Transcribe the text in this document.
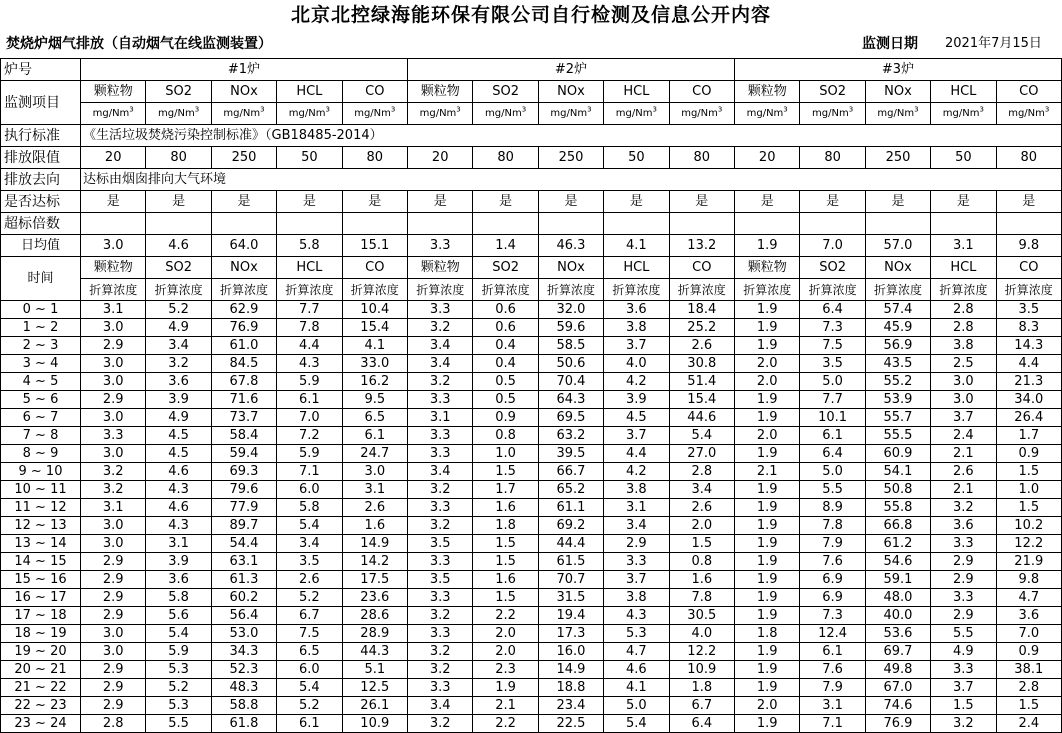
北京北控绿海能环保有限公司自行检测及信息公开内容
焚烧炉烟气排放（自动烟气在线监测装置）	监测日期 2021年7月15日
炉号	#1炉					#2炉					#3炉				
监测项目	颗粒物	SO2	NOx	HCL	CO	颗粒物	SO2	NOx	HCL	CO	颗粒物	SO2	NOx	HCL	CO
	mg/Nm$^3$	mg/Nm$^3$	mg/Nm$^3$	mg/Nm$^3$	mg/Nm$^3$	mg/Nm$^3$	mg/Nm$^3$	mg/Nm$^3$	mg/Nm$^3$	mg/Nm$^3$	mg/Nm$^3$	mg/Nm$^3$	mg/Nm$^3$	mg/Nm$^3$	mg/Nm$^3$
执行标准	《生活垃圾焚烧污染控制标准》（GB18485-2014）														
排放限值	20	80	250	50	80	20	80	250	50	80	20	80	250	50	80
排放去向	达标由烟囱排向大气环境														
是否达标	是	是	是	是	是	是	是	是	是	是	是	是	是	是	是
超标倍数															
日均值	3.0	4.6	64.0	5.8	15.1	3.3	1.4	46.3	4.1	13.2	1.9	7.0	57.0	3.1	9.8
时间	颗粒物	SO2	NOx	HCL	CO	颗粒物	SO2	NOx	HCL	CO	颗粒物	SO2	NOx	HCL	CO
	折算浓度	折算浓度	折算浓度	折算浓度	折算浓度	折算浓度	折算浓度	折算浓度	折算浓度	折算浓度	折算浓度	折算浓度	折算浓度	折算浓度	折算浓度
0 ~ 1	3.1	5.2	62.9	7.7	10.4	3.3	0.6	32.0	3.6	18.4	1.9	6.4	57.4	2.8	3.5
1 ~ 2	3.0	4.9	76.9	7.8	15.4	3.2	0.6	59.6	3.8	25.2	1.9	7.3	45.9	2.8	8.3
2 ~ 3	2.9	3.4	61.0	4.4	4.1	3.4	0.4	58.5	3.7	2.6	1.9	7.5	56.9	3.8	14.3
3 ~ 4	3.0	3.2	84.5	4.3	33.0	3.4	0.4	50.6	4.0	30.8	2.0	3.5	43.5	2.5	4.4
4 ~ 5	3.0	3.6	67.8	5.9	16.2	3.2	0.5	70.4	4.2	51.4	2.0	5.0	55.2	3.0	21.3
5 ~ 6	2.9	3.9	71.6	6.1	9.5	3.3	0.5	64.3	3.9	15.4	1.9	7.7	53.9	3.0	34.0
6 ~ 7	3.0	4.9	73.7	7.0	6.5	3.1	0.9	69.5	4.5	44.6	1.9	10.1	55.7	3.7	26.4
7 ~ 8	3.3	4.5	58.4	7.2	6.1	3.3	0.8	63.2	3.7	5.4	2.0	6.1	55.5	2.4	1.7
8 ~ 9	3.0	4.5	59.4	5.9	24.7	3.3	1.0	39.5	4.4	27.0	1.9	6.4	60.9	2.1	0.9
9 ~ 10	3.2	4.6	69.3	7.1	3.0	3.4	1.5	66.7	4.2	2.8	2.1	5.0	54.1	2.6	1.5
10 ~ 11	3.2	4.3	79.6	6.0	3.1	3.2	1.7	65.2	3.8	3.4	1.9	5.5	50.8	2.1	1.0
11 ~ 12	3.1	4.6	77.9	5.8	2.6	3.3	1.6	61.1	3.1	2.6	1.9	8.9	55.8	3.2	1.5
12 ~ 13	3.0	4.3	89.7	5.4	1.6	3.2	1.8	69.2	3.4	2.0	1.9	7.8	66.8	3.6	10.2
13 ~ 14	3.0	3.1	54.4	3.4	14.9	3.5	1.5	44.4	2.9	1.5	1.9	7.9	61.2	3.3	12.2
14 ~ 15	2.9	3.9	63.1	3.5	14.2	3.3	1.5	61.5	3.3	0.8	1.9	7.6	54.6	2.9	21.9
15 ~ 16	2.9	3.6	61.3	2.6	17.5	3.5	1.6	70.7	3.7	1.6	1.9	6.9	59.1	2.9	9.8
16 ~ 17	2.9	5.8	60.2	5.2	23.6	3.3	1.5	31.5	3.8	7.8	1.9	6.9	48.0	3.3	4.7
17 ~ 18	2.9	5.6	56.4	6.7	28.6	3.2	2.2	19.4	4.3	30.5	1.9	7.3	40.0	2.9	3.6
18 ~ 19	3.0	5.4	53.0	7.5	28.9	3.3	2.0	17.3	5.3	4.0	1.8	12.4	53.6	5.5	7.0
19 ~ 20	3.0	5.9	34.3	6.5	44.3	3.2	2.0	16.0	4.7	12.2	1.9	6.1	69.7	4.9	0.9
20 ~ 21	2.9	5.3	52.3	6.0	5.1	3.2	2.3	14.9	4.6	10.9	1.9	7.6	49.8	3.3	38.1
21 ~ 22	2.9	5.2	48.3	5.4	12.5	3.3	1.9	18.8	4.1	1.8	1.9	7.9	67.0	3.7	2.8
22 ~ 23	2.9	5.3	58.8	5.2	26.1	3.4	2.1	23.4	5.0	6.7	2.0	3.1	74.6	1.5	1.5
23 ~ 24	2.8	5.5	61.8	6.1	10.9	3.2	2.2	22.5	5.4	6.4	1.9	7.1	76.9	3.2	2.4
